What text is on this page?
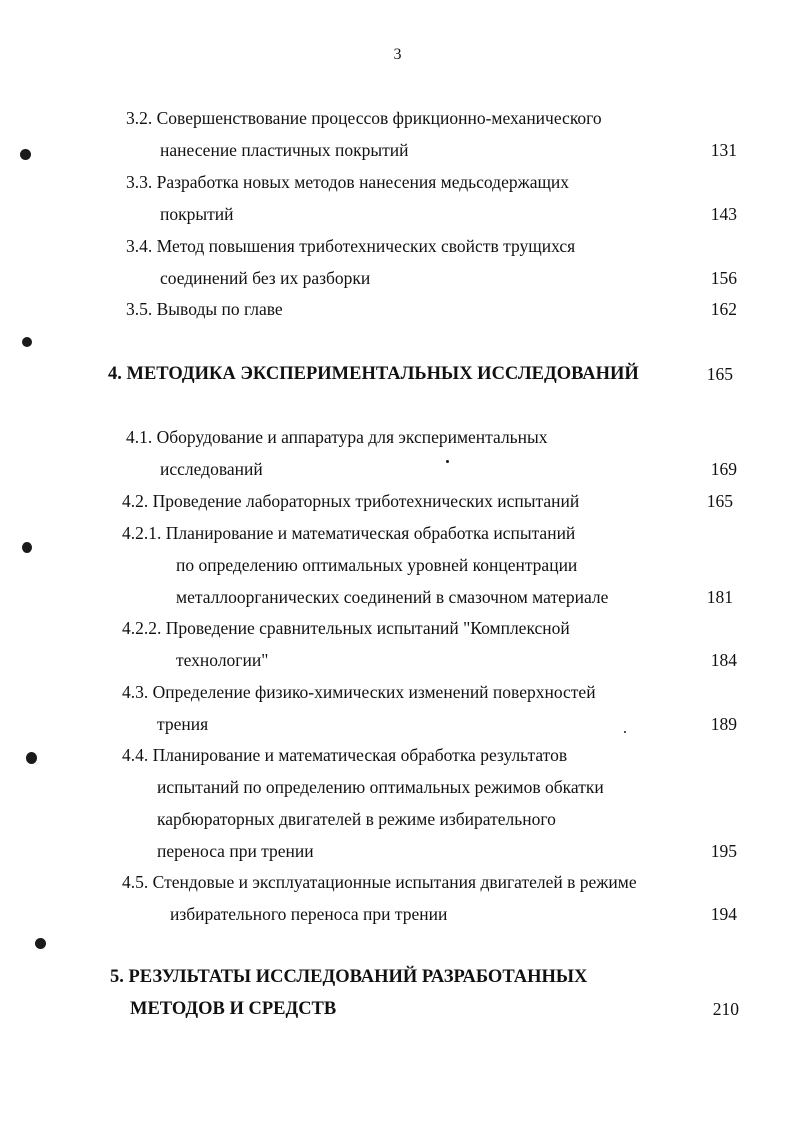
3
3.2. Совершенствование процессов фрикционно-механического
нанесение пластичных покрытий	131
3.3. Разработка новых методов нанесения медьсодержащих
покрытий	143
3.4. Метод повышения триботехнических свойств трущихся
соединений без их разборки	156
3.5. Выводы по главе	162
4. МЕТОДИКА ЭКСПЕРИМЕНТАЛЬНЫХ ИССЛЕДОВАНИЙ	165
4.1. Оборудование и аппаратура для экспериментальных
исследований	169
4.2. Проведение лабораторных триботехнических испытаний	165
4.2.1. Планирование и математическая обработка испытаний
по определению оптимальных уровней концентрации
металлоорганических соединений в смазочном материале	181
4.2.2. Проведение сравнительных испытаний "Комплексной
технологии"	184
4.3. Определение физико-химических изменений поверхностей
трения	189
4.4. Планирование и математическая обработка результатов
испытаний по определению оптимальных режимов обкатки
карбюраторных двигателей в режиме избирательного
переноса при трении	195
4.5. Стендовые и эксплуатационные испытания двигателей в режиме
избирательного переноса при трении	194
5. РЕЗУЛЬТАТЫ ИССЛЕДОВАНИЙ РАЗРАБОТАННЫХ
МЕТОДОВ И СРЕДСТВ	210
